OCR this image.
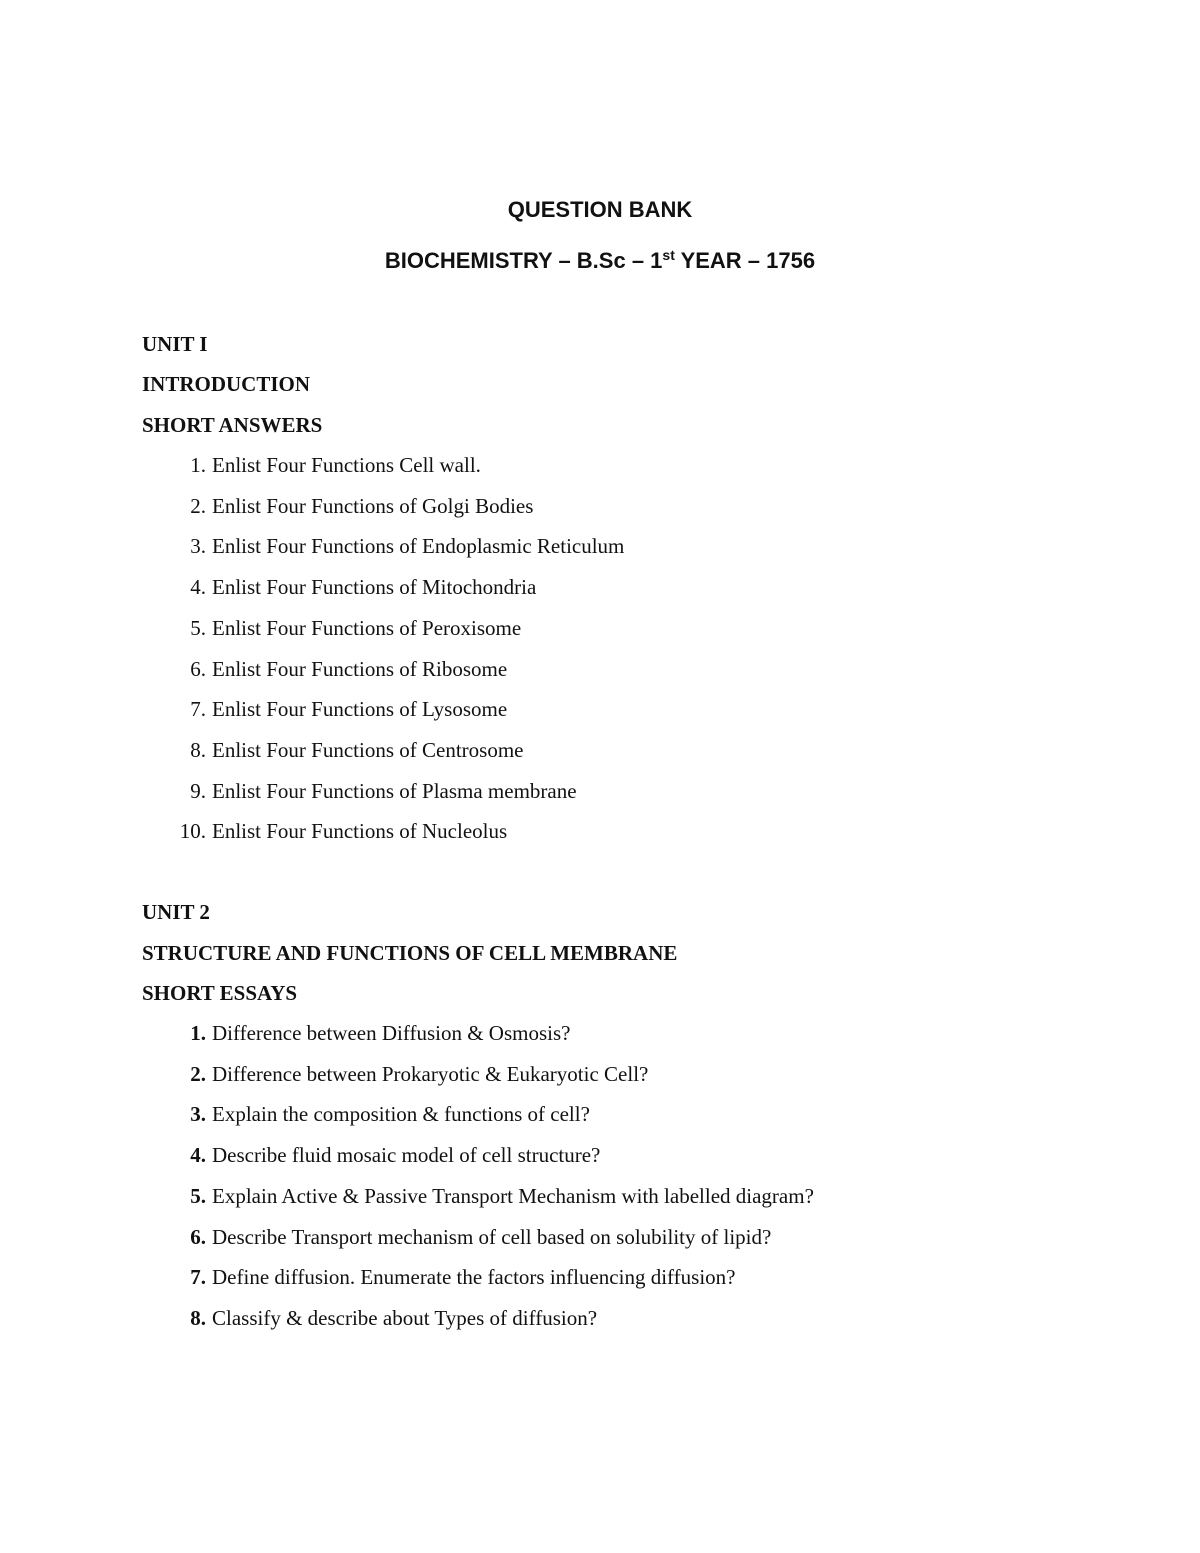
QUESTION BANK
BIOCHEMISTRY – B.Sc – 1st YEAR – 1756
UNIT I
INTRODUCTION
SHORT ANSWERS
1. Enlist Four Functions Cell wall.
2. Enlist Four Functions of Golgi Bodies
3. Enlist Four Functions of Endoplasmic Reticulum
4. Enlist Four Functions of Mitochondria
5. Enlist Four Functions of Peroxisome
6. Enlist Four Functions of Ribosome
7. Enlist Four Functions of Lysosome
8. Enlist Four Functions of Centrosome
9. Enlist Four Functions of Plasma membrane
10. Enlist Four Functions of Nucleolus
UNIT 2
STRUCTURE AND FUNCTIONS OF CELL MEMBRANE
SHORT ESSAYS
1. Difference between Diffusion & Osmosis?
2. Difference between Prokaryotic & Eukaryotic Cell?
3. Explain the composition & functions of cell?
4. Describe fluid mosaic model of cell structure?
5. Explain Active & Passive Transport Mechanism with labelled diagram?
6. Describe Transport mechanism of cell based on solubility of lipid?
7. Define diffusion. Enumerate the factors influencing diffusion?
8. Classify & describe about Types of diffusion?
